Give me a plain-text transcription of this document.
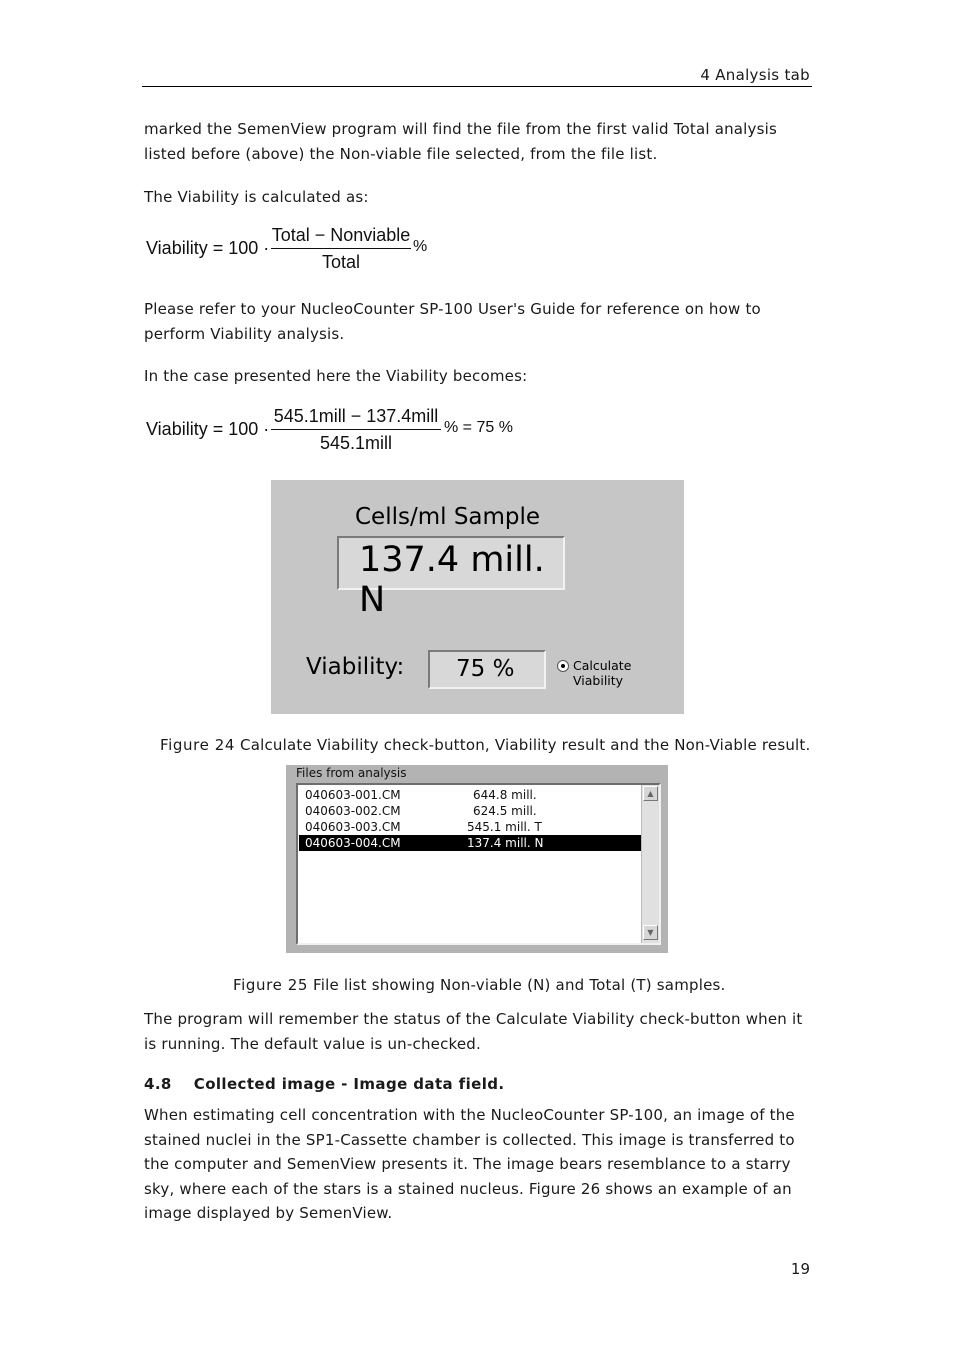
4 Analysis tab
marked the SemenView program will find the file from the first valid Total analysis listed before (above) the Non-viable file selected, from the file list.
The Viability is calculated as:
Viability = 100 ·
Total − Nonviable
Total
%
Please refer to your NucleoCounter SP-100 User's Guide for reference on how to perform Viability analysis.
In the case presented here the Viability becomes:
Viability = 100 ·
545.1mill − 137.4mill
545.1mill
% = 75 %
Cells/ml Sample
137.4 mill. N
Viability: 75 %	Calculate Viability
Figure 24 Calculate Viability check-button, Viability result and the Non-Viable result.
Files from analysis
040603-001.CM	644.8 mill.
040603-002.CM	624.5 mill.
040603-003.CM	545.1 mill. T
040603-004.CM	137.4 mill. N
▲
▼
Figure 25 File list showing Non-viable (N) and Total (T) samples.
The program will remember the status of the Calculate Viability check-button when it is running. The default value is un-checked.
4.8 Collected image - Image data field.
When estimating cell concentration with the NucleoCounter SP-100, an image of the stained nuclei in the SP1-Cassette chamber is collected. This image is transferred to the computer and SemenView presents it. The image bears resemblance to a starry sky, where each of the stars is a stained nucleus. Figure 26 shows an example of an image displayed by SemenView.
19
